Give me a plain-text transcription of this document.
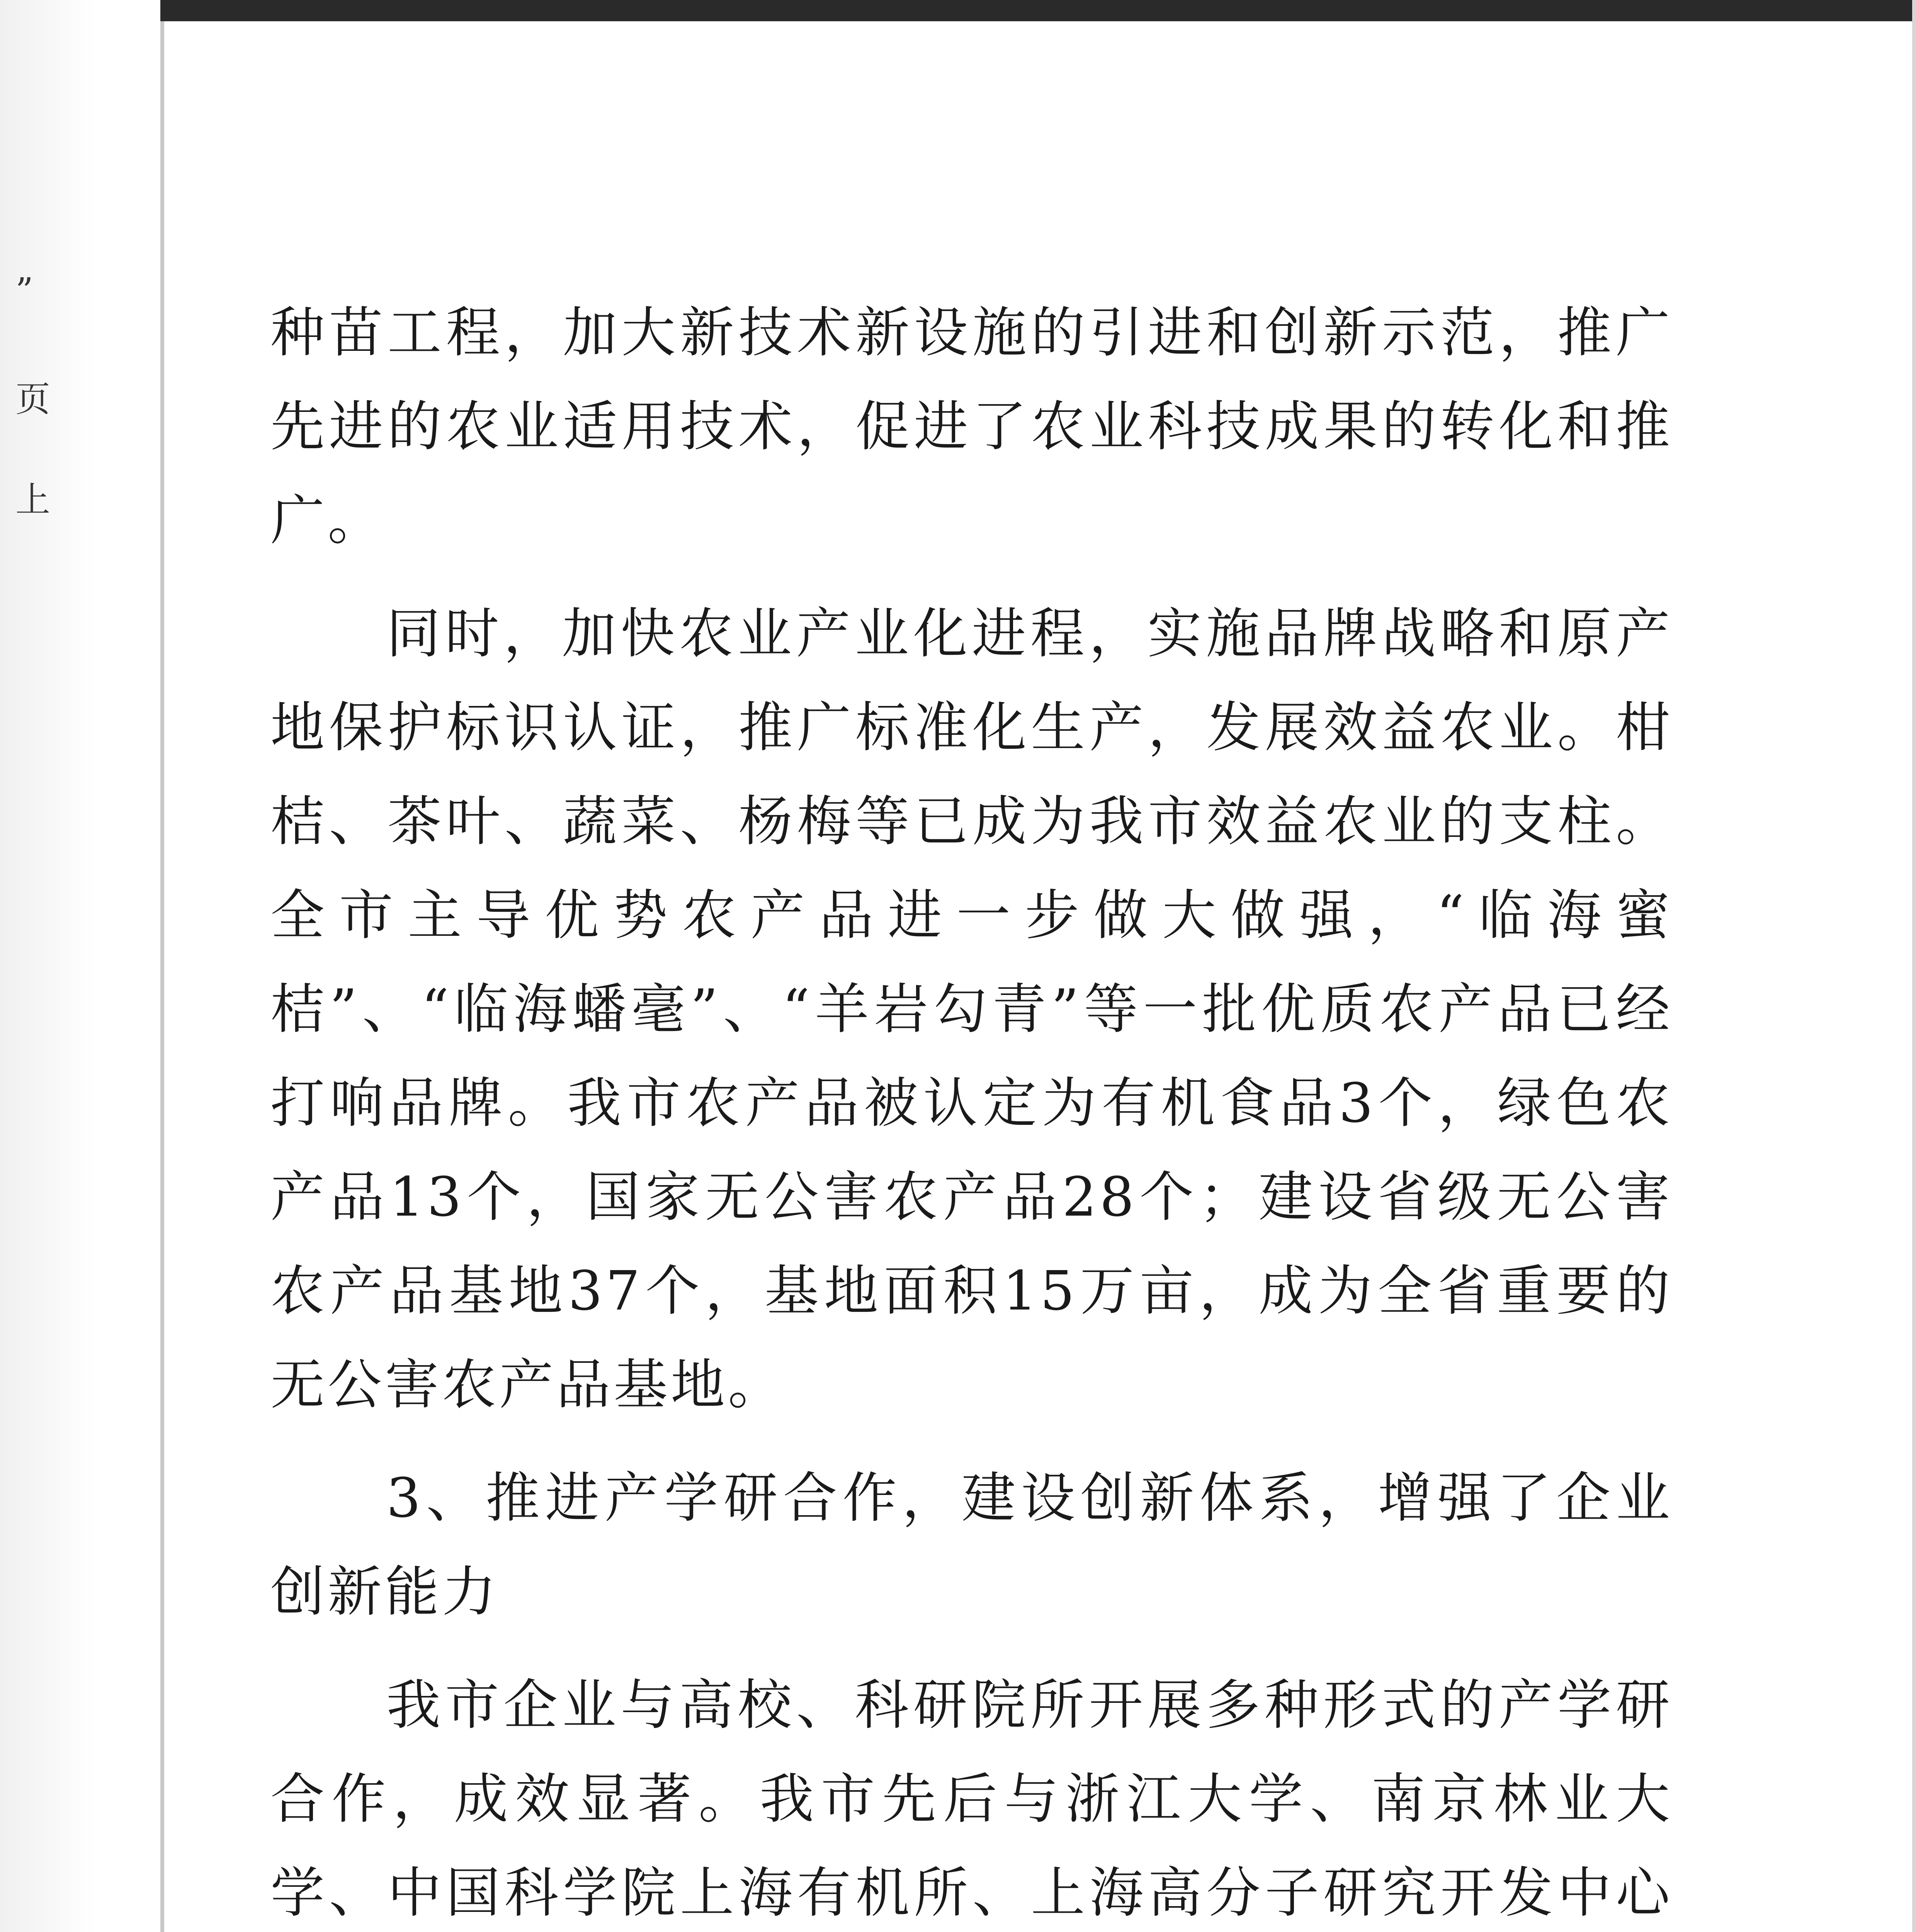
”
页
上

种苗工程，加大新技术新设施的引进和创新示范，推广先进的农业适用技术，促进了农业科技成果的转化和推广。

同时，加快农业产业化进程，实施品牌战略和原产地保护标识认证，推广标准化生产，发展效益农业。柑桔、茶叶、蔬菜、杨梅等已成为我市效益农业的支柱。全市主导优势农产品进一步做大做强，“临海蜜桔”、“临海蟠毫”、“羊岩勾青”等一批优质农产品已经打响品牌。我市农产品被认定为有机食品3个，绿色农产品13个，国家无公害农产品28个；建设省级无公害农产品基地37个，基地面积15万亩，成为全省重要的无公害农产品基地。

3、推进产学研合作，建设创新体系，增强了企业创新能力

我市企业与高校、科研院所开展多种形式的产学研合作，成效显著。我市先后与浙江大学、南京林业大学、中国科学院上海有机所、上海高分子研究开发中心
